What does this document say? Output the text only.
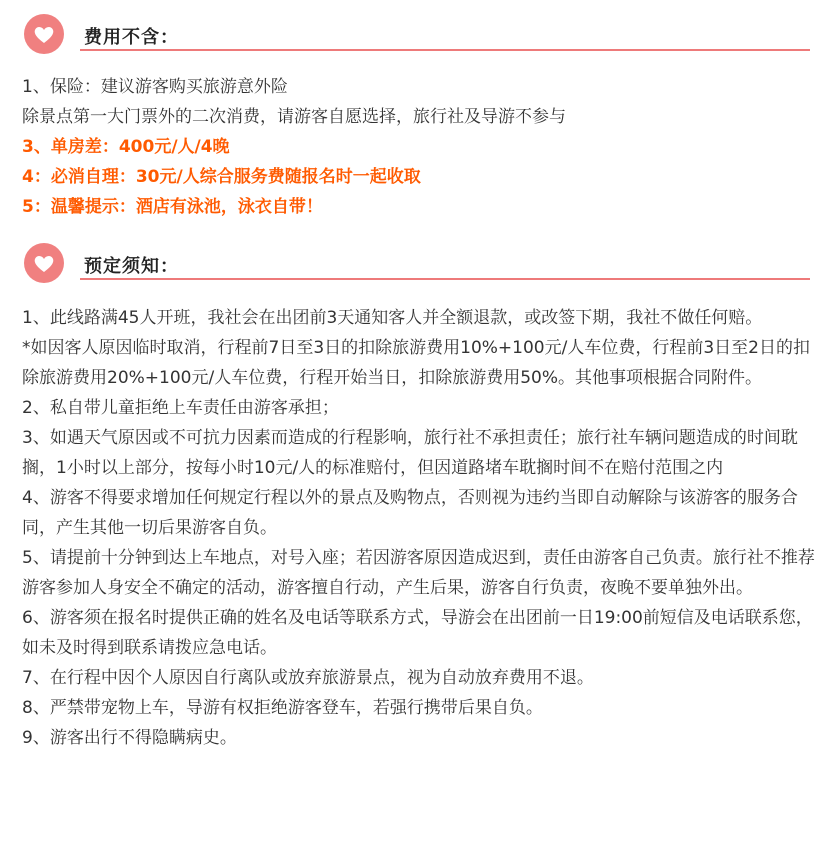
费用不含：
1、保险：建议游客购买旅游意外险
除景点第一大门票外的二次消费，请游客自愿选择，旅行社及导游不参与
3、单房差：400元/人/4晚
4：必消自理：30元/人综合服务费随报名时一起收取
5：温馨提示：酒店有泳池，泳衣自带！
预定须知：
1、此线路满45人开班，我社会在出团前3天通知客人并全额退款，或改签下期，我社不做任何赔。
*如因客人原因临时取消，行程前7日至3日的扣除旅游费用10%+100元/人车位费，行程前3日至2日的扣除旅游费用20%+100元/人车位费，行程开始当日，扣除旅游费用50%。其他事项根据合同附件。
2、私自带儿童拒绝上车责任由游客承担；
3、如遇天气原因或不可抗力因素而造成的行程影响，旅行社不承担责任；旅行社车辆问题造成的时间耽搁，1小时以上部分，按每小时10元/人的标准赔付，但因道路堵车耽搁时间不在赔付范围之内
4、游客不得要求增加任何规定行程以外的景点及购物点，否则视为违约当即自动解除与该游客的服务合同，产生其他一切后果游客自负。
5、请提前十分钟到达上车地点，对号入座；若因游客原因造成迟到，责任由游客自己负责。旅行社不推荐游客参加人身安全不确定的活动，游客擅自行动，产生后果，游客自行负责，夜晚不要单独外出。
6、游客须在报名时提供正确的姓名及电话等联系方式，导游会在出团前一日19:00前短信及电话联系您，如未及时得到联系请拨应急电话。
7、在行程中因个人原因自行离队或放弃旅游景点，视为自动放弃费用不退。
8、严禁带宠物上车，导游有权拒绝游客登车，若强行携带后果自负。
9、游客出行不得隐瞒病史。
